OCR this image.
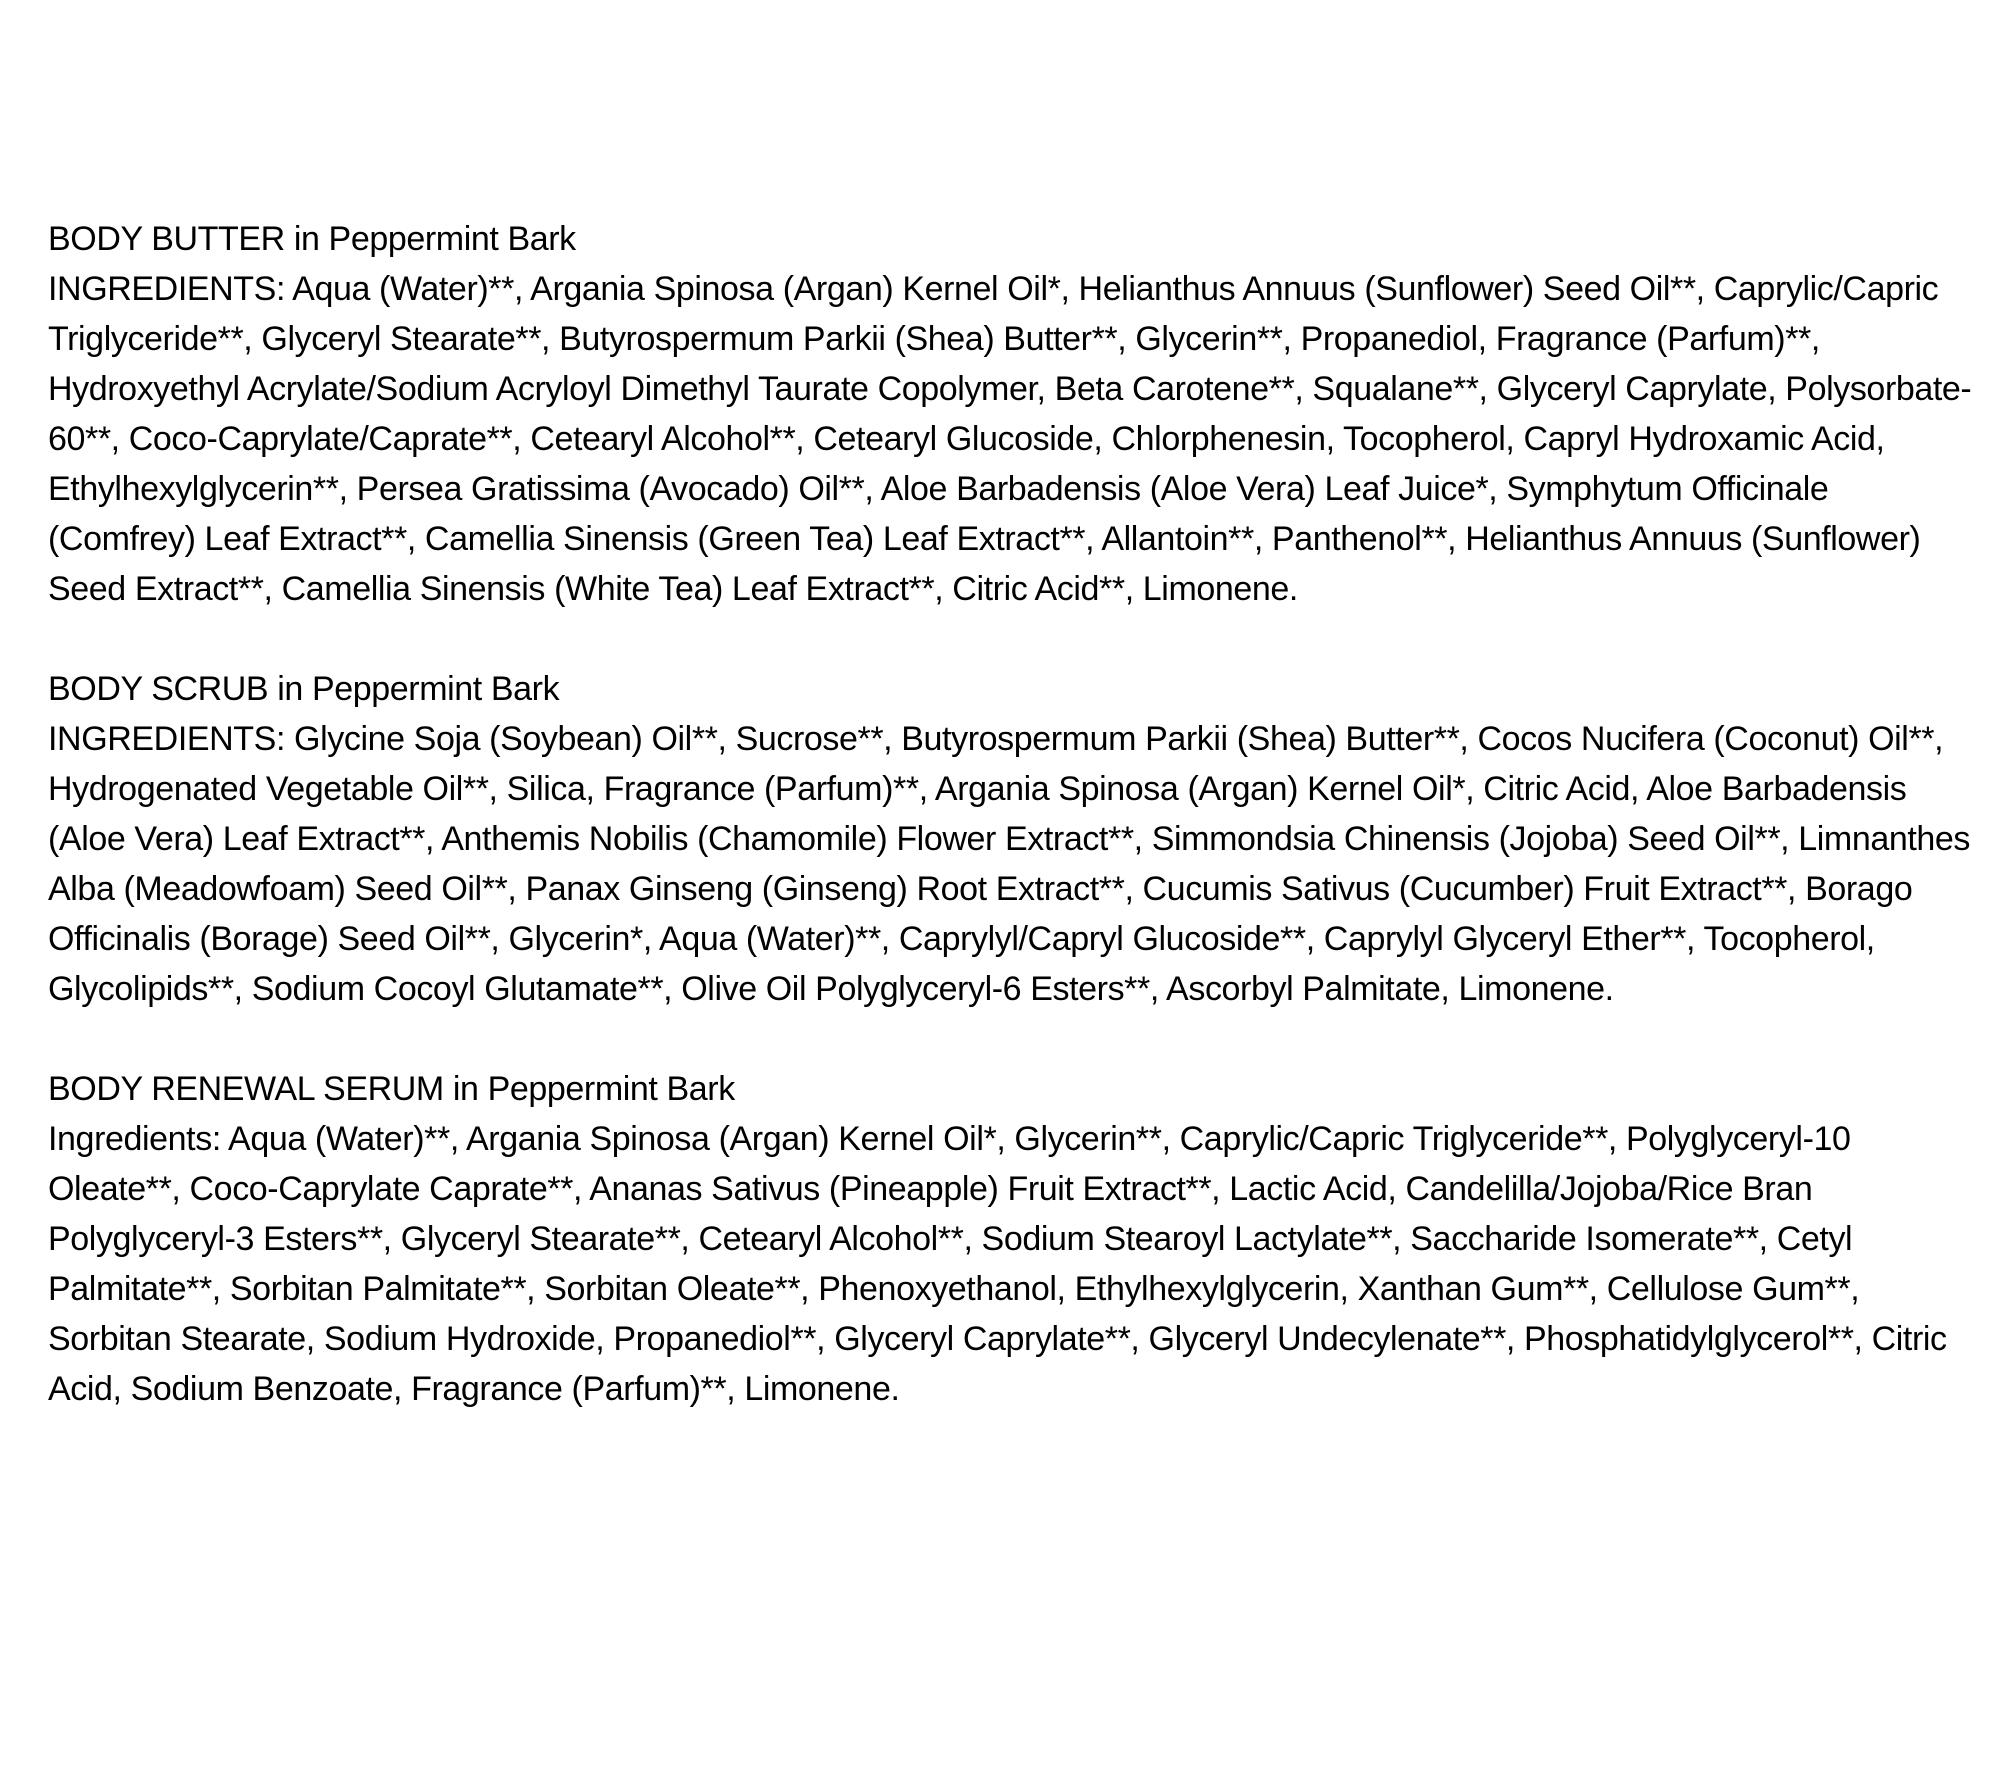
BODY BUTTER in Peppermint Bark

INGREDIENTS: Aqua (Water)**, Argania Spinosa (Argan) Kernel Oil*, Helianthus Annuus (Sunflower) Seed Oil**, Caprylic/Capric Triglyceride**, Glyceryl Stearate**, Butyrospermum Parkii (Shea) Butter**, Glycerin**, Propanediol, Fragrance (Parfum)**, Hydroxyethyl Acrylate/Sodium Acryloyl Dimethyl Taurate Copolymer, Beta Carotene**, Squalane**, Glyceryl Caprylate, Polysorbate-60**, Coco-Caprylate/Caprate**, Cetearyl Alcohol**, Cetearyl Glucoside, Chlorphenesin, Tocopherol, Capryl Hydroxamic Acid, Ethylhexylglycerin**, Persea Gratissima (Avocado) Oil**, Aloe Barbadensis (Aloe Vera) Leaf Juice*, Symphytum Officinale (Comfrey) Leaf Extract**, Camellia Sinensis (Green Tea) Leaf Extract**, Allantoin**, Panthenol**, Helianthus Annuus (Sunflower) Seed Extract**, Camellia Sinensis (White Tea) Leaf Extract**, Citric Acid**, Limonene.

BODY SCRUB in Peppermint Bark

INGREDIENTS: Glycine Soja (Soybean) Oil**, Sucrose**, Butyrospermum Parkii (Shea) Butter**, Cocos Nucifera (Coconut) Oil**, Hydrogenated Vegetable Oil**, Silica, Fragrance (Parfum)**, Argania Spinosa (Argan) Kernel Oil*, Citric Acid, Aloe Barbadensis (Aloe Vera) Leaf Extract**, Anthemis Nobilis (Chamomile) Flower Extract**, Simmondsia Chinensis (Jojoba) Seed Oil**, Limnanthes Alba (Meadowfoam) Seed Oil**, Panax Ginseng (Ginseng) Root Extract**, Cucumis Sativus (Cucumber) Fruit Extract**, Borago Officinalis (Borage) Seed Oil**, Glycerin*, Aqua (Water)**, Caprylyl/Capryl Glucoside**, Caprylyl Glyceryl Ether**, Tocopherol, Glycolipids**, Sodium Cocoyl Glutamate**, Olive Oil Polyglyceryl-6 Esters**, Ascorbyl Palmitate, Limonene.

BODY RENEWAL SERUM in Peppermint Bark

Ingredients: Aqua (Water)**, Argania Spinosa (Argan) Kernel Oil*, Glycerin**, Caprylic/Capric Triglyceride**, Polyglyceryl-10 Oleate**, Coco-Caprylate Caprate**, Ananas Sativus (Pineapple) Fruit Extract**, Lactic Acid, Candelilla/Jojoba/Rice Bran Polyglyceryl-3 Esters**, Glyceryl Stearate**, Cetearyl Alcohol**, Sodium Stearoyl Lactylate**, Saccharide Isomerate**, Cetyl Palmitate**, Sorbitan Palmitate**, Sorbitan Oleate**, Phenoxyethanol, Ethylhexylglycerin, Xanthan Gum**, Cellulose Gum**, Sorbitan Stearate, Sodium Hydroxide, Propanediol**, Glyceryl Caprylate**, Glyceryl Undecylenate**, Phosphatidylglycerol**, Citric Acid, Sodium Benzoate, Fragrance (Parfum)**, Limonene.
